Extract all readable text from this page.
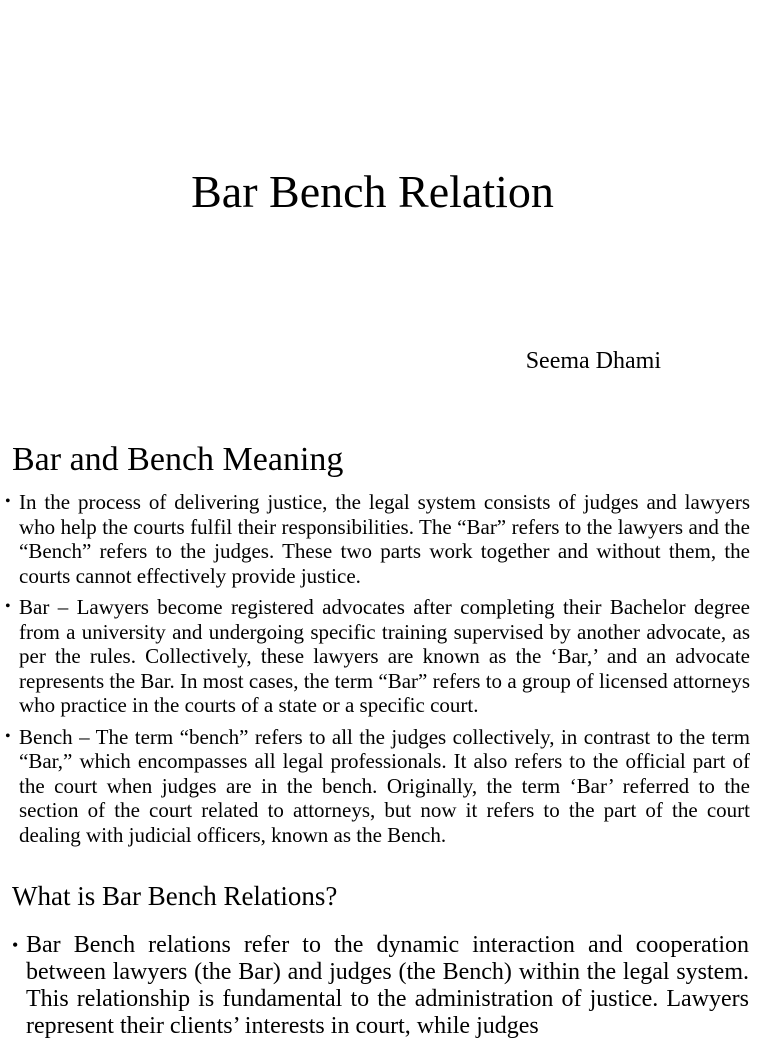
Bar Bench Relation

Seema Dhami

Bar and Bench Meaning
• In the process of delivering justice, the legal system consists of judges and lawyers who help the courts fulfil their responsibilities. The “Bar” refers to the lawyers and the “Bench” refers to the judges. These two parts work together and without them, the courts cannot effectively provide justice.
• Bar – Lawyers become registered advocates after completing their Bachelor degree from a university and undergoing specific training supervised by another advocate, as per the rules. Collectively, these lawyers are known as the ‘Bar,’ and an advocate represents the Bar. In most cases, the term “Bar” refers to a group of licensed attorneys who practice in the courts of a state or a specific court.
• Bench – The term “bench” refers to all the judges collectively, in contrast to the term “Bar,” which encompasses all legal professionals. It also refers to the official part of the court when judges are in the bench. Originally, the term ‘Bar’ referred to the section of the court related to attorneys, but now it refers to the part of the court dealing with judicial officers, known as the Bench.
What is Bar Bench Relations?
• Bar Bench relations refer to the dynamic interaction and cooperation between lawyers (the Bar) and judges (the Bench) within the legal system. This relationship is fundamental to the administration of justice. Lawyers represent their clients’ interests in court, while judges
